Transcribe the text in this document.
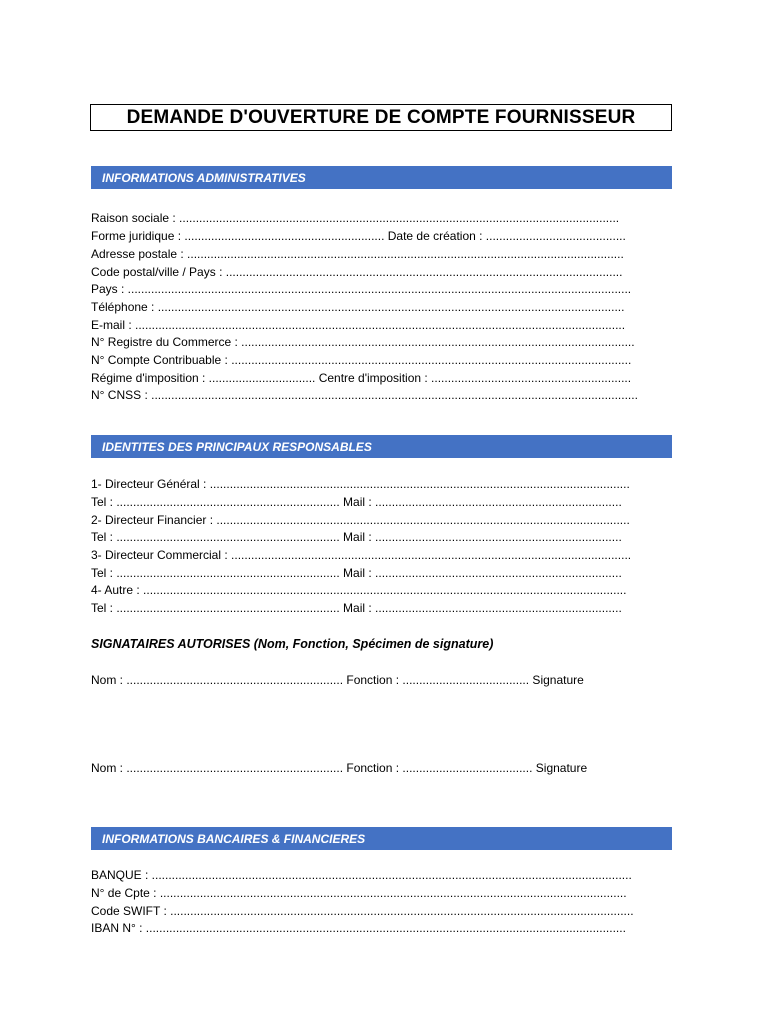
DEMANDE D'OUVERTURE DE COMPTE FOURNISSEUR
INFORMATIONS ADMINISTRATIVES
Raison sociale : ....................................................................................................................................
Forme juridique : ............................................................ Date de création : ..........................................
Adresse postale : ...................................................................................................................................
Code postal/ville / Pays : .......................................................................................................................
Pays : .......................................................................................................................................................
Téléphone : ............................................................................................................................................
E-mail : ...................................................................................................................................................
N° Registre du Commerce : ......................................................................................................................
N° Compte Contribuable : ........................................................................................................................
Régime d'imposition : ................................ Centre d'imposition : ............................................................
N° CNSS : ..................................................................................................................................................
IDENTITES DES PRINCIPAUX RESPONSABLES
1- Directeur Général : ..............................................................................................................................
Tel : ................................................................... Mail : ..........................................................................
2- Directeur Financier : ............................................................................................................................
Tel : ................................................................... Mail : ..........................................................................
3- Directeur Commercial : ........................................................................................................................
Tel : ................................................................... Mail : ..........................................................................
4- Autre : .................................................................................................................................................
Tel : ................................................................... Mail : ..........................................................................
SIGNATAIRES AUTORISES (Nom, Fonction, Spécimen de signature)
Nom : ................................................................. Fonction : ...................................... Signature
Nom : ................................................................. Fonction : ....................................... Signature
INFORMATIONS BANCAIRES & FINANCIERES
BANQUE : ................................................................................................................................................
N° de Cpte : ............................................................................................................................................
Code SWIFT : ...........................................................................................................................................
IBAN N° : ................................................................................................................................................
